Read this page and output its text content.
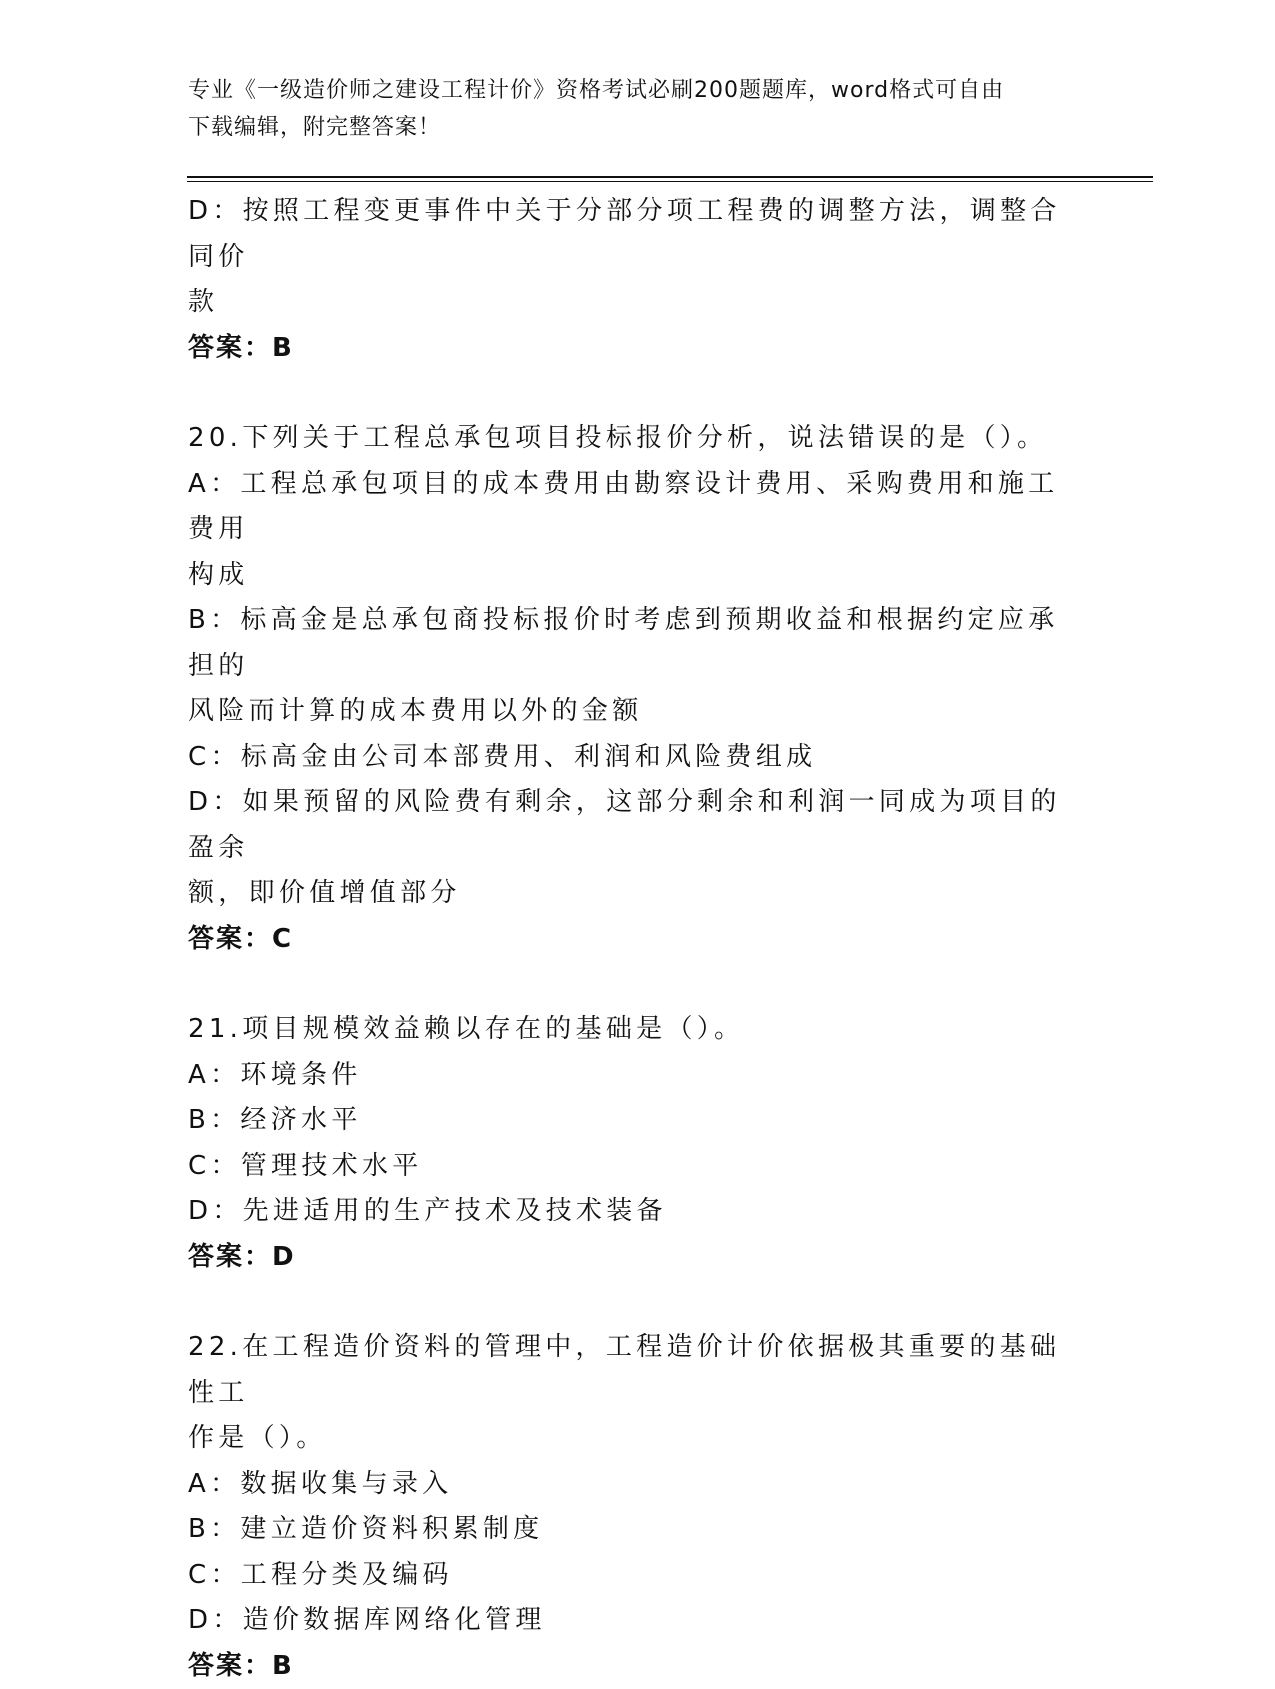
专业《一级造价师之建设工程计价》资格考试必刷200题题库，word格式可自由
下载编辑，附完整答案！
D：按照工程变更事件中关于分部分项工程费的调整方法，调整合同价
款
答案：B
20.下列关于工程总承包项目投标报价分析，说法错误的是（）。
A：工程总承包项目的成本费用由勘察设计费用、采购费用和施工费用
构成
B：标高金是总承包商投标报价时考虑到预期收益和根据约定应承担的
风险而计算的成本费用以外的金额
C：标高金由公司本部费用、利润和风险费组成
D：如果预留的风险费有剩余，这部分剩余和利润一同成为项目的盈余
额，即价值增值部分
答案：C
21.项目规模效益赖以存在的基础是（）。
A：环境条件
B：经济水平
C：管理技术水平
D：先进适用的生产技术及技术装备
答案：D
22.在工程造价资料的管理中，工程造价计价依据极其重要的基础性工
作是（）。
A：数据收集与录入
B：建立造价资料积累制度
C：工程分类及编码
D：造价数据库网络化管理
答案：B
